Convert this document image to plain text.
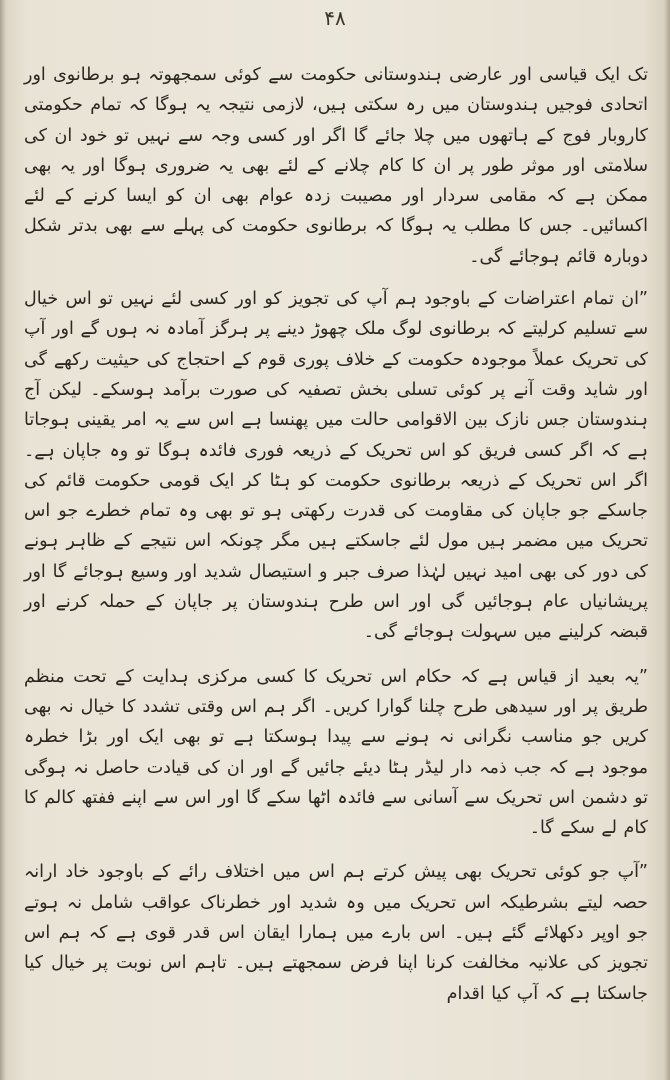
۴۸

تک ایک قیاسی اور عارضی ہندوستانی حکومت سے کوئی سمجھوتہ ہو برطانوی اور اتحادی فوجیں ہندوستان میں رہ سکتی ہیں، لازمی نتیجہ یہ ہوگا کہ تمام حکومتی کاروبار فوج کے ہاتھوں میں چلا جائے گا اگر اور کسی وجہ سے نہیں تو خود ان کی سلامتی اور موثر طور پر ان کا کام چلانے کے لئے بھی یہ ضروری ہوگا اور یہ بھی ممکن ہے کہ مقامی سردار اور مصیبت زدہ عوام بھی ان کو ایسا کرنے کے لئے اکسائیں۔ جس کا مطلب یہ ہوگا کہ برطانوی حکومت کی پہلے سے بھی بدتر شکل دوبارہ قائم ہوجائے گی۔

”ان تمام اعتراضات کے باوجود ہم آپ کی تجویز کو اور کسی لئے نہیں تو اس خیال سے تسلیم کرلیتے کہ برطانوی لوگ ملک چھوڑ دینے پر ہرگز آمادہ نہ ہوں گے اور آپ کی تحریک عملاً موجودہ حکومت کے خلاف پوری قوم کے احتجاج کی حیثیت رکھے گی اور شاید وقت آنے پر کوئی تسلی بخش تصفیہ کی صورت برآمد ہوسکے۔ لیکن آج ہندوستان جس نازک بین الاقوامی حالت میں پھنسا ہے اس سے یہ امر یقینی ہوجاتا ہے کہ اگر کسی فریق کو اس تحریک کے ذریعہ فوری فائدہ ہوگا تو وہ جاپان ہے۔ اگر اس تحریک کے ذریعہ برطانوی حکومت کو ہٹا کر ایک قومی حکومت قائم کی جاسکے جو جاپان کی مقاومت کی قدرت رکھتی ہو تو بھی وہ تمام خطرے جو اس تحریک میں مضمر ہیں مول لئے جاسکتے ہیں مگر چونکہ اس نتیجے کے ظاہر ہونے کی دور کی بھی امید نہیں لہٰذا صرف جبر و استیصال شدید اور وسیع ہوجائے گا اور پریشانیاں عام ہوجائیں گی اور اس طرح ہندوستان پر جاپان کے حملہ کرنے اور قبضہ کرلینے میں سہولت ہوجائے گی۔

”یہ بعید از قیاس ہے کہ حکام اس تحریک کا کسی مرکزی ہدایت کے تحت منظم طریق پر اور سیدھی طرح چلنا گوارا کریں۔ اگر ہم اس وقتی تشدد کا خیال نہ بھی کریں جو مناسب نگرانی نہ ہونے سے پیدا ہوسکتا ہے تو بھی ایک اور بڑا خطرہ موجود ہے کہ جب ذمہ دار لیڈر ہٹا دیئے جائیں گے اور ان کی قیادت حاصل نہ ہوگی تو دشمن اس تحریک سے آسانی سے فائدہ اٹھا سکے گا اور اس سے اپنے ففتھ کالم کا کام لے سکے گا۔

”آپ جو کوئی تحریک بھی پیش کرتے ہم اس میں اختلاف رائے کے باوجود خاد ارانہ حصہ لیتے بشرطیکہ اس تحریک میں وہ شدید اور خطرناک عواقب شامل نہ ہوتے جو اوپر دکھلائے گئے ہیں۔ اس بارے میں ہمارا ایقان اس قدر قوی ہے کہ ہم اس تجویز کی علانیہ مخالفت کرنا اپنا فرض سمجھتے ہیں۔ تاہم اس نوبت پر خیال کیا جاسکتا ہے کہ آپ کیا اقدام
